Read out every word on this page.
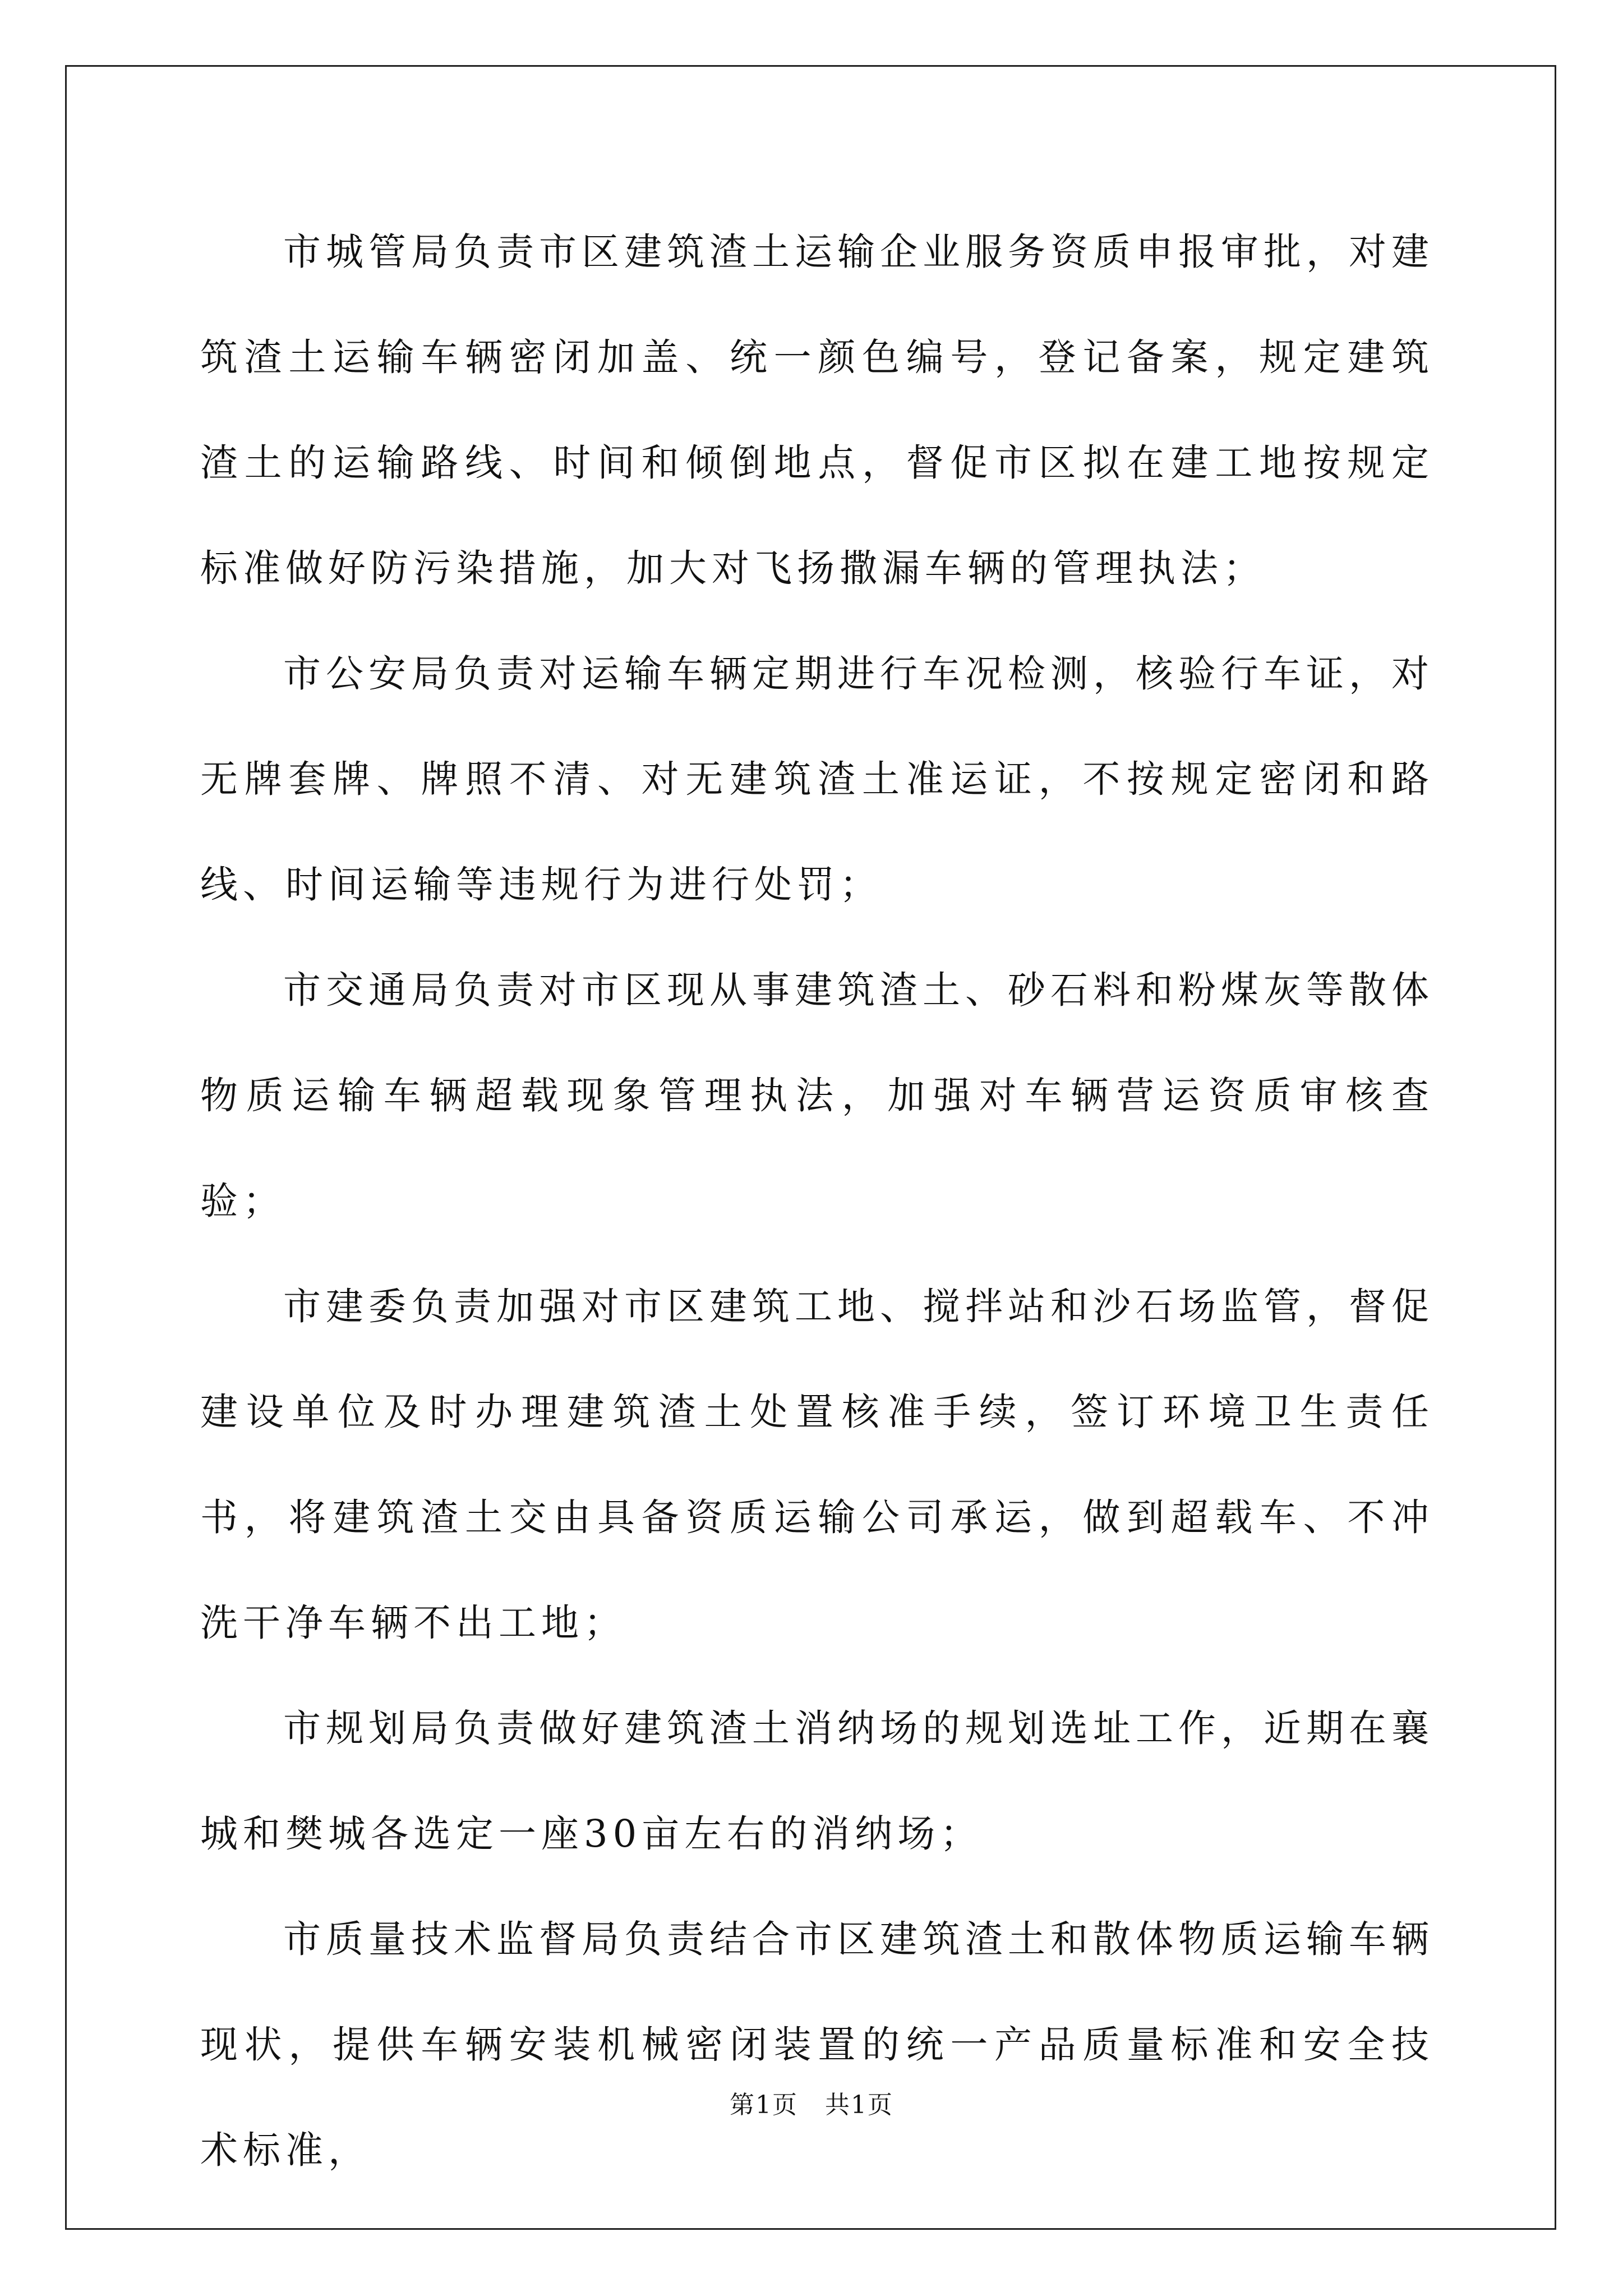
市城管局负责市区建筑渣土运输企业服务资质申报审批，对建筑渣土运输车辆密闭加盖、统一颜色编号，登记备案，规定建筑渣土的运输路线、时间和倾倒地点，督促市区拟在建工地按规定标准做好防污染措施，加大对飞扬撒漏车辆的管理执法；

市公安局负责对运输车辆定期进行车况检测，核验行车证，对无牌套牌、牌照不清、对无建筑渣土准运证，不按规定密闭和路线、时间运输等违规行为进行处罚；

市交通局负责对市区现从事建筑渣土、砂石料和粉煤灰等散体物质运输车辆超载现象管理执法，加强对车辆营运资质审核查验；

市建委负责加强对市区建筑工地、搅拌站和沙石场监管，督促建设单位及时办理建筑渣土处置核准手续，签订环境卫生责任书，将建筑渣土交由具备资质运输公司承运，做到超载车、不冲洗干净车辆不出工地；

市规划局负责做好建筑渣土消纳场的规划选址工作，近期在襄城和樊城各选定一座30亩左右的消纳场；

市质量技术监督局负责结合市区建筑渣土和散体物质运输车辆现状，提供车辆安装机械密闭装置的统一产品质量标准和安全技术标准，

第1页   共1页
